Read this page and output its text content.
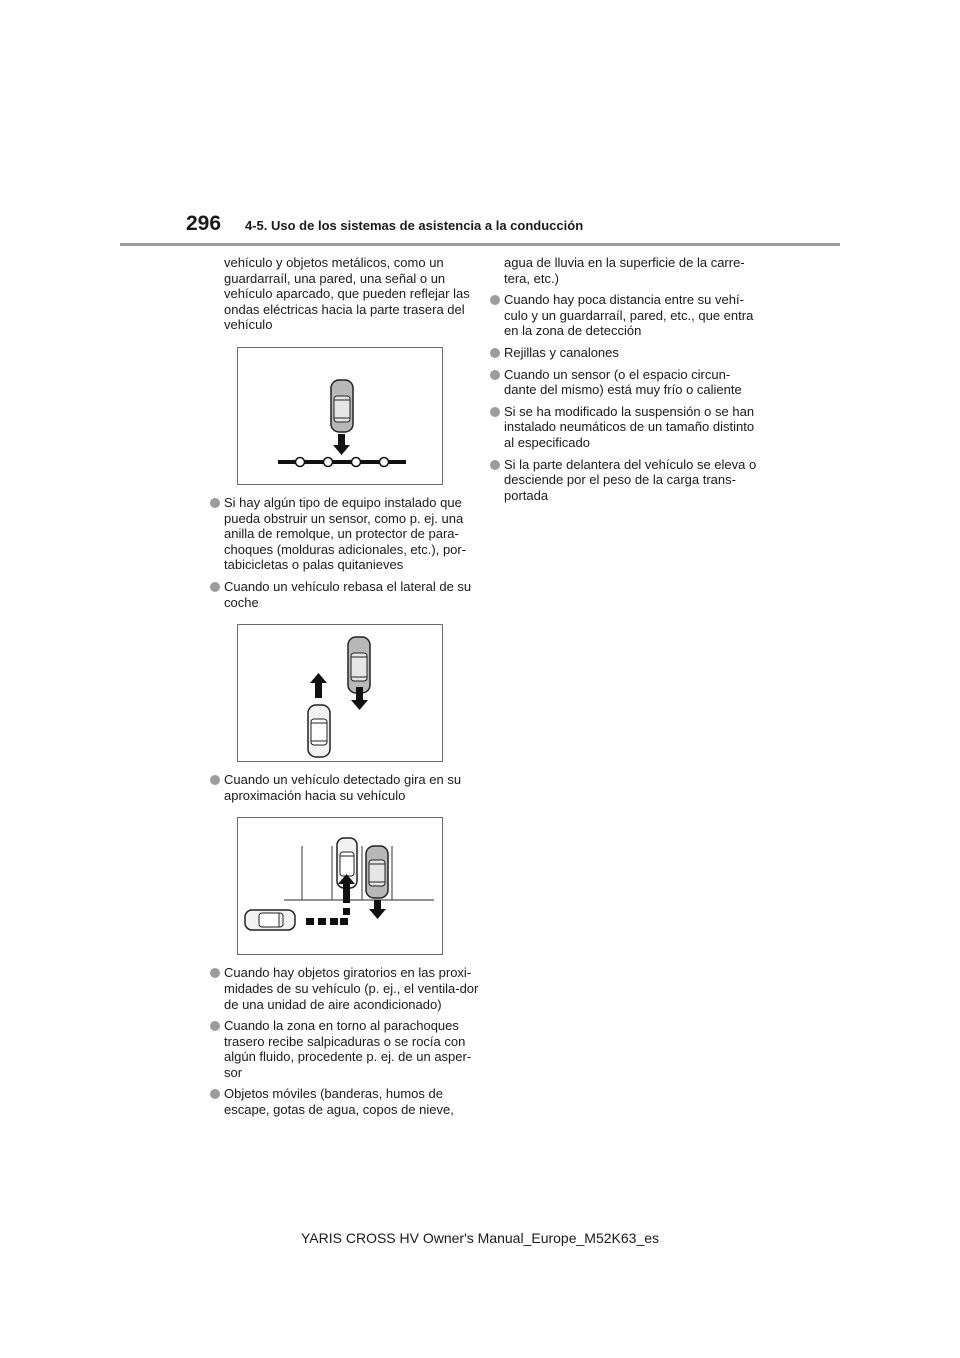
296 4-5. Uso de los sistemas de asistencia a la conducción

vehículo y objetos metálicos, como un guardarraíl, una pared, una señal o un vehículo aparcado, que pueden reflejar las ondas eléctricas hacia la parte trasera del vehículo

Si hay algún tipo de equipo instalado que pueda obstruir un sensor, como p. ej. una anilla de remolque, un protector de para-choques (molduras adicionales, etc.), por-tabicicletas o palas quitanieves
Cuando un vehículo rebasa el lateral de su coche
Cuando un vehículo detectado gira en su aproximación hacia su vehículo
Cuando hay objetos giratorios en las proxi-midades de su vehículo (p. ej., el ventila-dor de una unidad de aire acondicionado)
Cuando la zona en torno al parachoques trasero recibe salpicaduras o se rocía con algún fluido, procedente p. ej. de un asper-sor
Objetos móviles (banderas, humos de escape, gotas de agua, copos de nieve,

agua de lluvia en la superficie de la carre-tera, etc.)

Cuando hay poca distancia entre su vehí-culo y un guardarraíl, pared, etc., que entra en la zona de detección
Rejillas y canalones
Cuando un sensor (o el espacio circun-dante del mismo) está muy frío o caliente
Si se ha modificado la suspensión o se han instalado neumáticos de un tamaño distinto al especificado
Si la parte delantera del vehículo se eleva o desciende por el peso de la carga trans-portada
YARIS CROSS HV Owner's Manual_Europe_M52K63_es
